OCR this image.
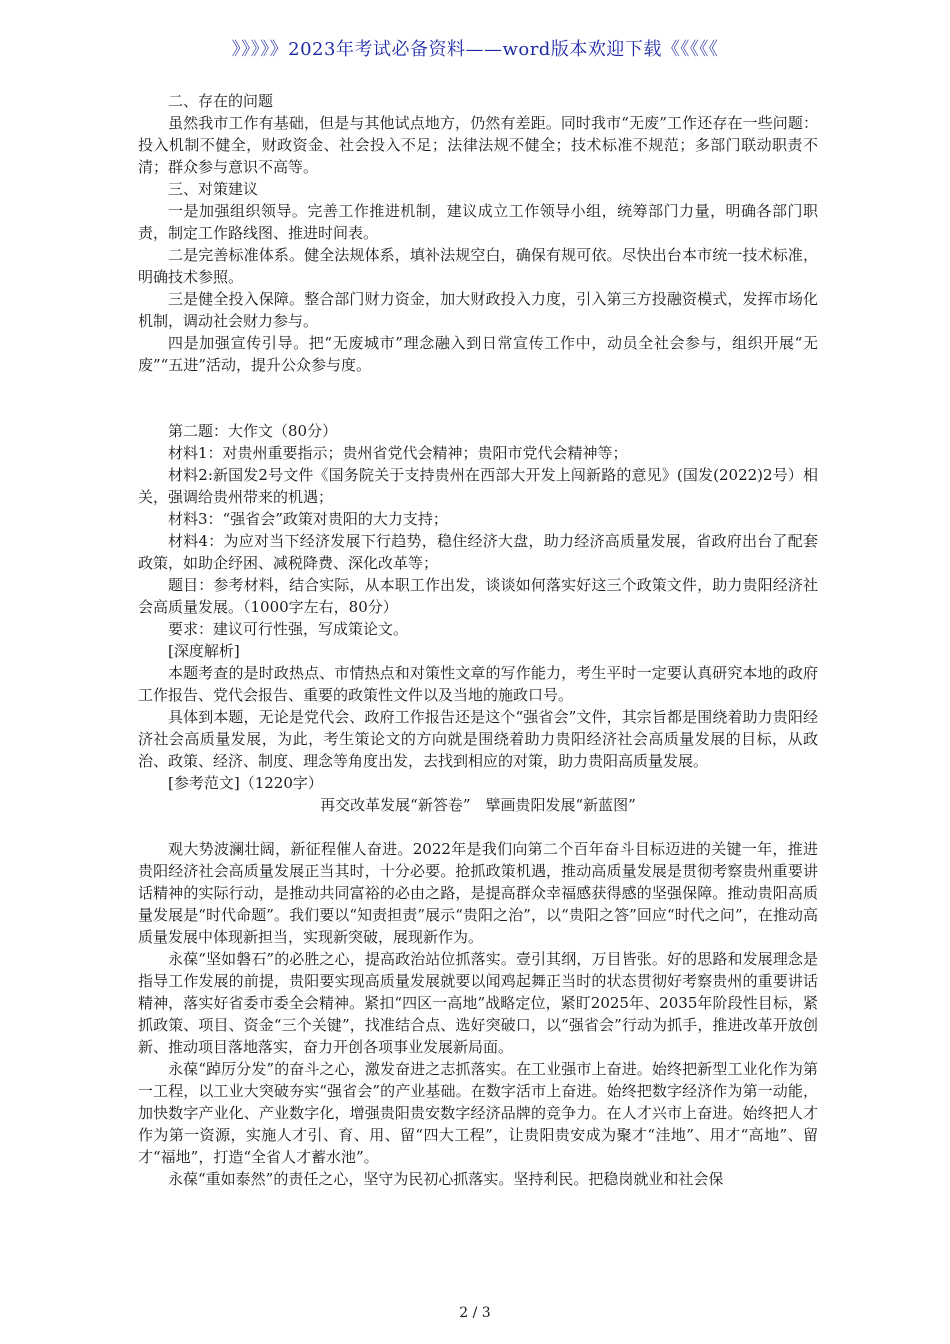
》》》》》2023年考试必备资料——word版本欢迎下载《《《《《

二、存在的问题

虽然我市工作有基础，但是与其他试点地方，仍然有差距。同时我市“无废”工作还存在一些问题：投入机制不健全，财政资金、社会投入不足；法律法规不健全；技术标准不规范；多部门联动职责不清；群众参与意识不高等。

三、对策建议

一是加强组织领导。完善工作推进机制，建议成立工作领导小组，统筹部门力量，明确各部门职责，制定工作路线图、推进时间表。

二是完善标准体系。健全法规体系，填补法规空白，确保有规可依。尽快出台本市统一技术标准，明确技术参照。

三是健全投入保障。整合部门财力资金，加大财政投入力度，引入第三方投融资模式，发挥市场化机制，调动社会财力参与。

四是加强宣传引导。把“无废城市”理念融入到日常宣传工作中，动员全社会参与，组织开展“无废”“五进”活动，提升公众参与度。

第二题：大作文（80分）

材料1：对贵州重要指示；贵州省党代会精神；贵阳市党代会精神等；

材料2:新国发2号文件《国务院关于支持贵州在西部大开发上闯新路的意见》(国发(2022)2号）相关，强调给贵州带来的机遇；

材料3：“强省会”政策对贵阳的大力支持；

材料4：为应对当下经济发展下行趋势，稳住经济大盘，助力经济高质量发展，省政府出台了配套政策，如助企纾困、减税降费、深化改革等；

题目：参考材料，结合实际，从本职工作出发，谈谈如何落实好这三个政策文件，助力贵阳经济社会高质量发展。（1000字左右，80分）

要求：建议可行性强，写成策论文。

[深度解析]

本题考查的是时政热点、市情热点和对策性文章的写作能力，考生平时一定要认真研究本地的政府工作报告、党代会报告、重要的政策性文件以及当地的施政口号。

具体到本题，无论是党代会、政府工作报告还是这个“强省会”文件，其宗旨都是围绕着助力贵阳经济社会高质量发展，为此，考生策论文的方向就是围绕着助力贵阳经济社会高质量发展的目标，从政治、政策、经济、制度、理念等角度出发，去找到相应的对策，助力贵阳高质量发展。

[参考范文]（1220字）

再交改革发展“新答卷”　擘画贵阳发展“新蓝图”

观大势波澜壮阔，新征程催人奋进。2022年是我们向第二个百年奋斗目标迈进的关键一年，推进贵阳经济社会高质量发展正当其时，十分必要。抢抓政策机遇，推动高质量发展是贯彻考察贵州重要讲话精神的实际行动，是推动共同富裕的必由之路，是提高群众幸福感获得感的坚强保障。推动贵阳高质量发展是“时代命题”。我们要以“知责担责”展示“贵阳之治”，以“贵阳之答”回应“时代之问”，在推动高质量发展中体现新担当，实现新突破，展现新作为。

永葆“坚如磐石”的必胜之心，提高政治站位抓落实。壹引其纲，万目皆张。好的思路和发展理念是指导工作发展的前提，贵阳要实现高质量发展就要以闻鸡起舞正当时的状态贯彻好考察贵州的重要讲话精神，落实好省委市委全会精神。紧扣“四区一高地”战略定位，紧盯2025年、2035年阶段性目标，紧抓政策、项目、资金“三个关键”，找准结合点、选好突破口，以“强省会”行动为抓手，推进改革开放创新、推动项目落地落实，奋力开创各项事业发展新局面。

永葆“踔厉分发”的奋斗之心，激发奋进之志抓落实。在工业强市上奋进。始终把新型工业化作为第一工程，以工业大突破夯实“强省会”的产业基础。在数字活市上奋进。始终把数字经济作为第一动能，加快数字产业化、产业数字化，增强贵阳贵安数字经济品牌的竞争力。在人才兴市上奋进。始终把人才作为第一资源，实施人才引、育、用、留“四大工程”，让贵阳贵安成为聚才“洼地”、用才“高地”、留才“福地”，打造“全省人才蓄水池”。

永葆“重如泰然”的责任之心，坚守为民初心抓落实。坚持利民。把稳岗就业和社会保

2 / 3
